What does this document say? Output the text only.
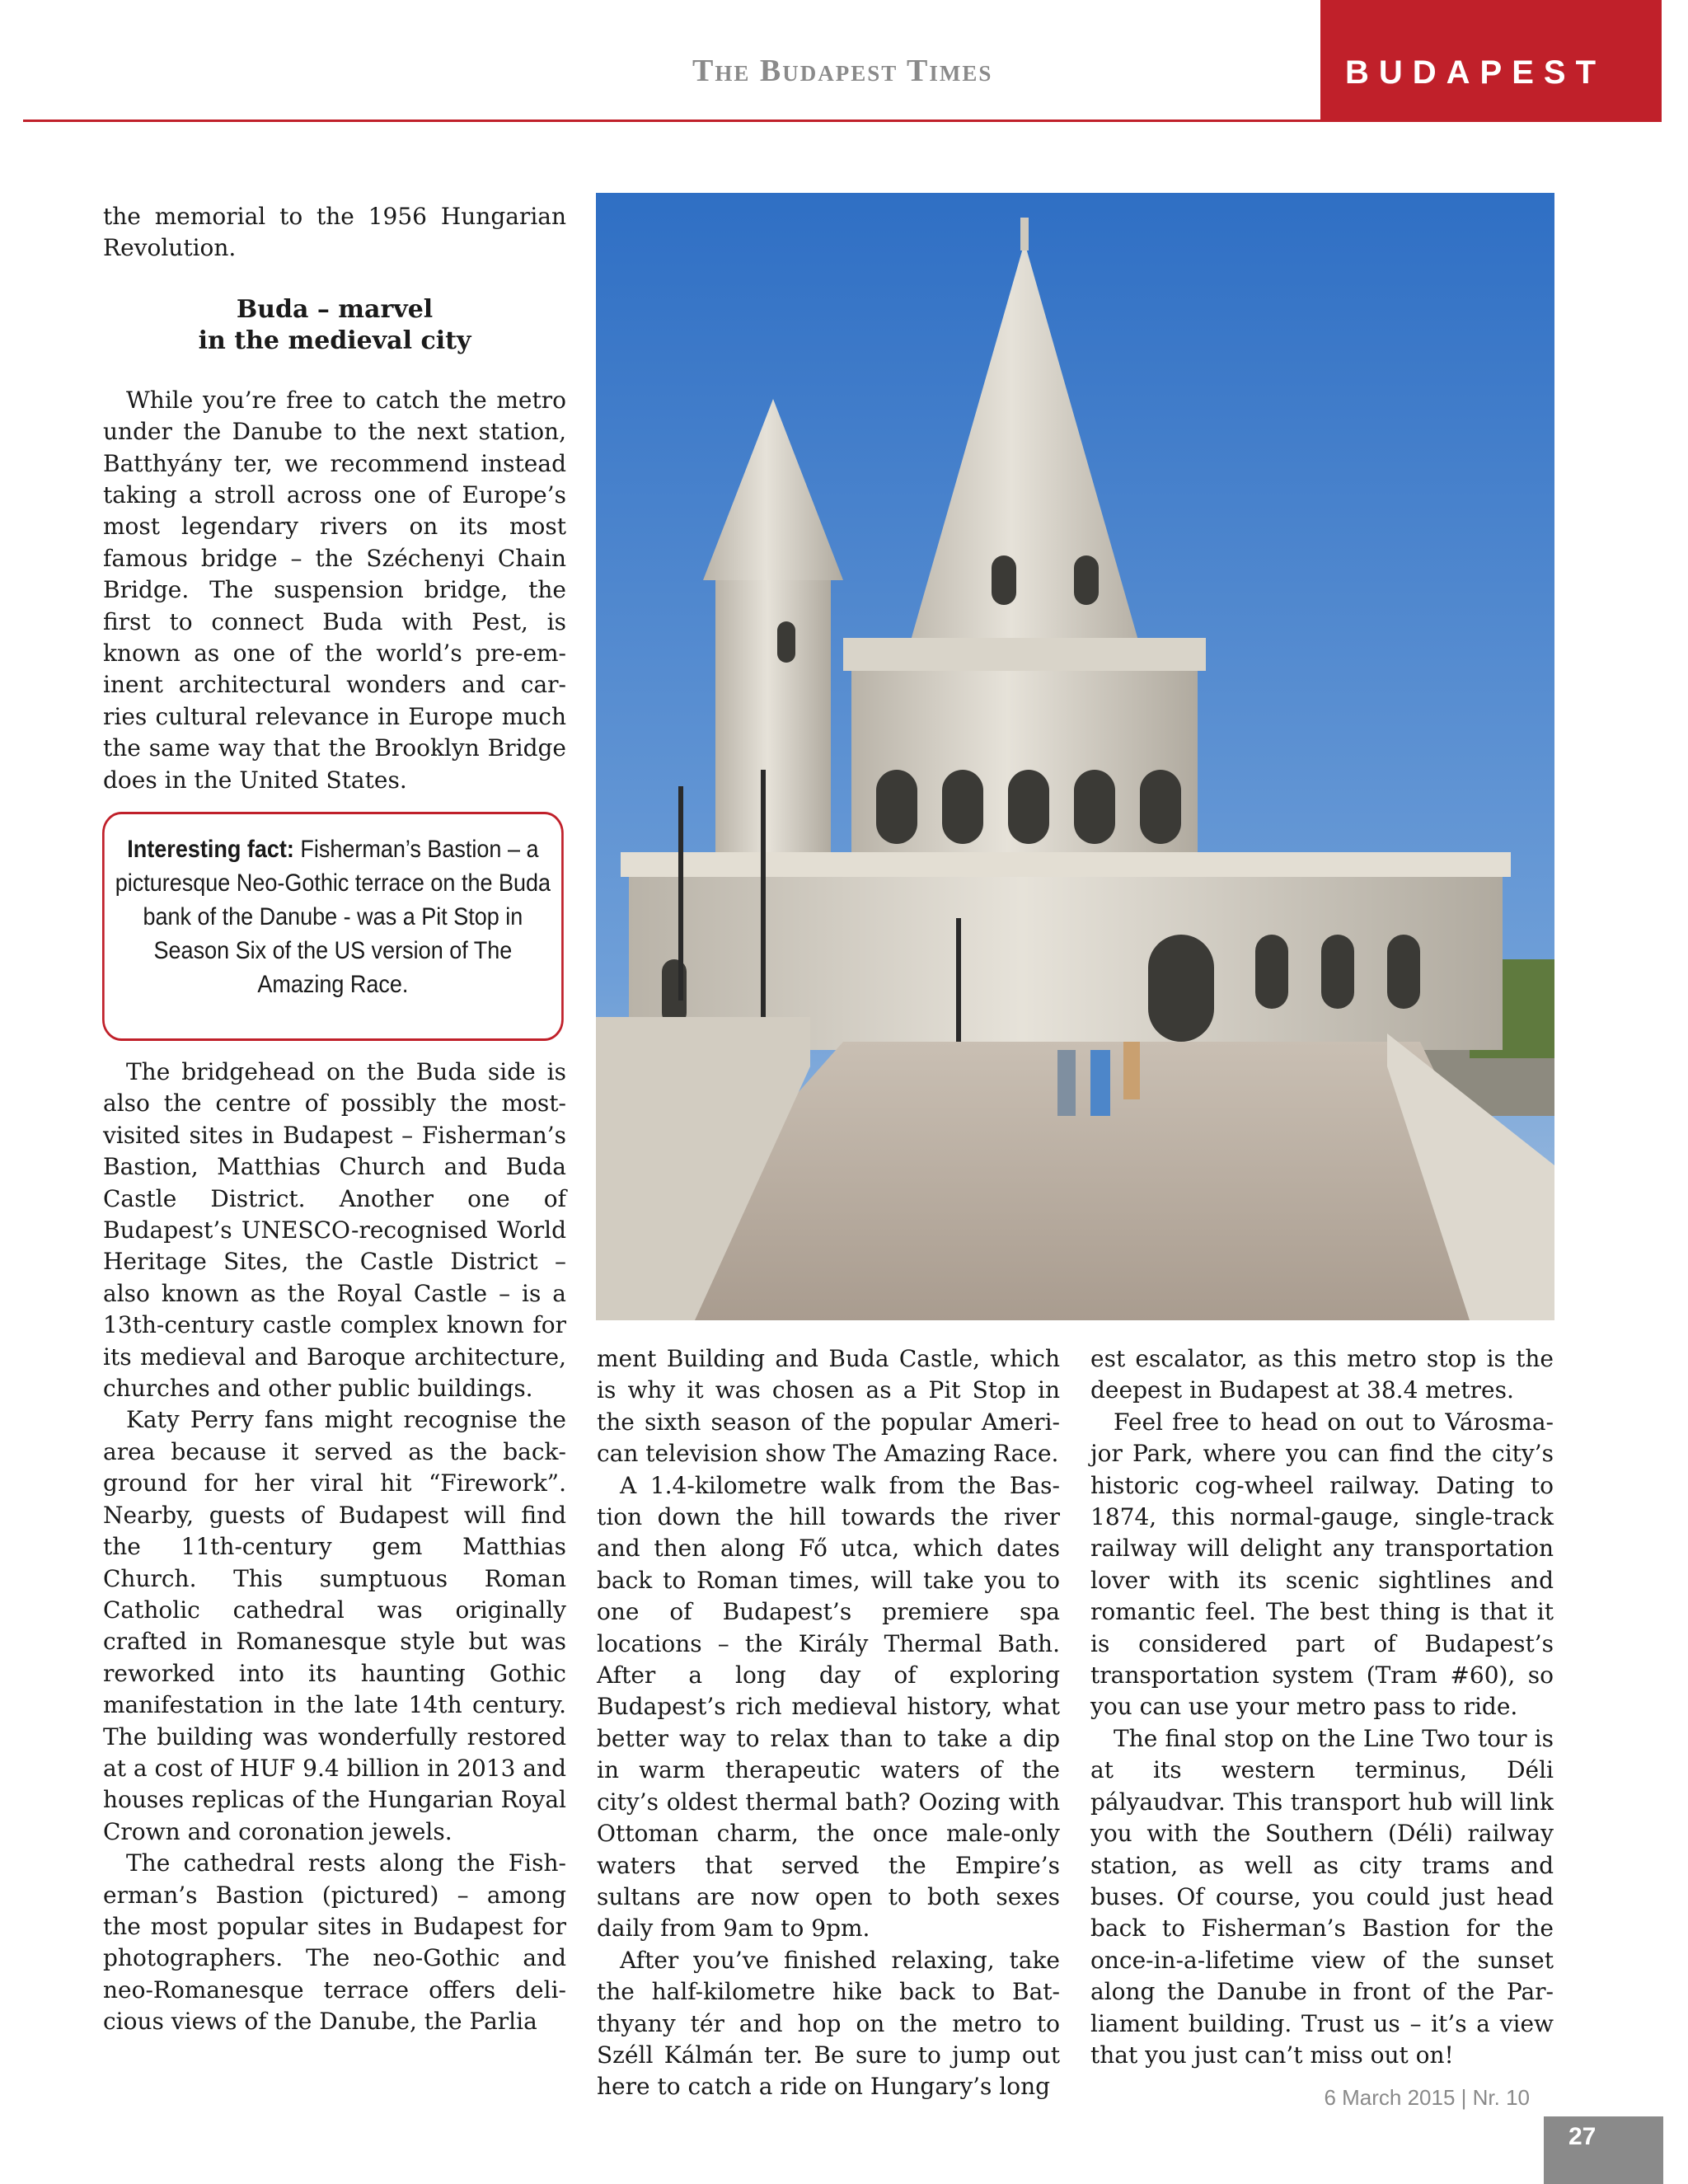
The Budapest Times	BUDAPEST

the memorial to the 1956 Hungarian Revolution.

Buda – marvel
in the medieval city

While you’re free to catch the metro under the Danube to the next station, Batthyány ter, we recommend instead taking a stroll across one of Europe’s most legendary rivers on its most famous bridge – the Széchenyi Chain Bridge. The suspension bridge, the first to connect Buda with Pest, is known as one of the world’s pre-eminent architectural wonders and carries cultural relevance in Europe much the same way that the Brooklyn Bridge does in the United States.

Interesting fact: Fisherman’s Bastion – a picturesque Neo-Gothic terrace on the Buda bank of the Danube - was a Pit Stop in Season Six of the US version of The Amazing Race.

The bridgehead on the Buda side is also the centre of possibly the most-visited sites in Budapest – Fisherman’s Bastion, Matthias Church and Buda Castle District. Another one of Budapest’s UNESCO-recognised World Heritage Sites, the Castle District – also known as the Royal Castle – is a 13th-century castle complex known for its medieval and Baroque architecture, churches and other public buildings.

Katy Perry fans might recognise the area because it served as the background for her viral hit “Firework”. Nearby, guests of Budapest will find the 11th-century gem Matthias Church. This sumptuous Roman Catholic cathedral was originally crafted in Romanesque style but was reworked into its haunting Gothic manifestation in the late 14th century. The building was wonderfully restored at a cost of HUF 9.4 billion in 2013 and houses replicas of the Hungarian Royal Crown and coronation jewels.

The cathedral rests along the Fisherman’s Bastion (pictured) – among the most popular sites in Budapest for photographers. The neo-Gothic and neo-Romanesque terrace offers delicious views of the Danube, the Parlia

ment Building and Buda Castle, which is why it was chosen as a Pit Stop in the sixth season of the popular American television show The Amazing Race.

A 1.4-kilometre walk from the Bastion down the hill towards the river and then along Fő utca, which dates back to Roman times, will take you to one of Budapest’s premiere spa locations – the Király Thermal Bath. After a long day of exploring Budapest’s rich medieval history, what better way to relax than to take a dip in warm therapeutic waters of the city’s oldest thermal bath? Oozing with Ottoman charm, the once male-only waters that served the Empire’s sultans are now open to both sexes daily from 9am to 9pm.

After you’ve finished relaxing, take the half-kilometre hike back to Batthyany tér and hop on the metro to Széll Kálmán ter. Be sure to jump out here to catch a ride on Hungary’s long

est escalator, as this metro stop is the deepest in Budapest at 38.4 metres.

Feel free to head on out to Városmajor Park, where you can find the city’s historic cog-wheel railway. Dating to 1874, this normal-gauge, single-track railway will delight any transportation lover with its scenic sightlines and romantic feel. The best thing is that it is considered part of Budapest’s transportation system (Tram #60), so you can use your metro pass to ride.

The final stop on the Line Two tour is at its western terminus, Déli pályaudvar. This transport hub will link you with the Southern (Déli) railway station, as well as city trams and buses. Of course, you could just head back to Fisherman’s Bastion for the once-in-a-lifetime view of the sunset along the Danube in front of the Parliament building. Trust us – it’s a view that you just can’t miss out on!

6 March 2015 | Nr. 10
27
